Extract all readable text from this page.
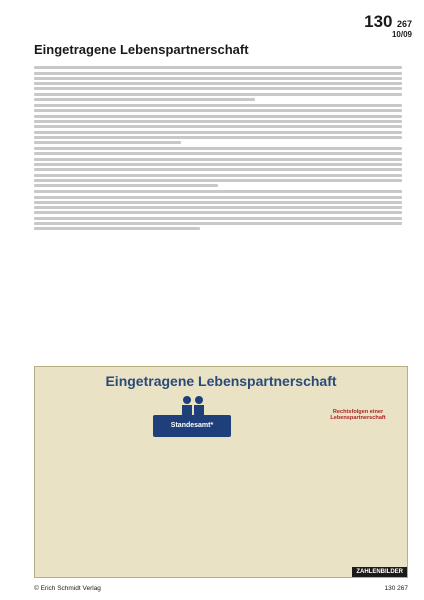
130 267
10/09
Eingetragene Lebenspartnerschaft
Eingetragene Lebenspartnerschaft
Standesamt*
Rechtsfolgen einer Lebenspartnerschaft
ZAHLENBILDER
© Erich Schmidt Verlag	130 267
